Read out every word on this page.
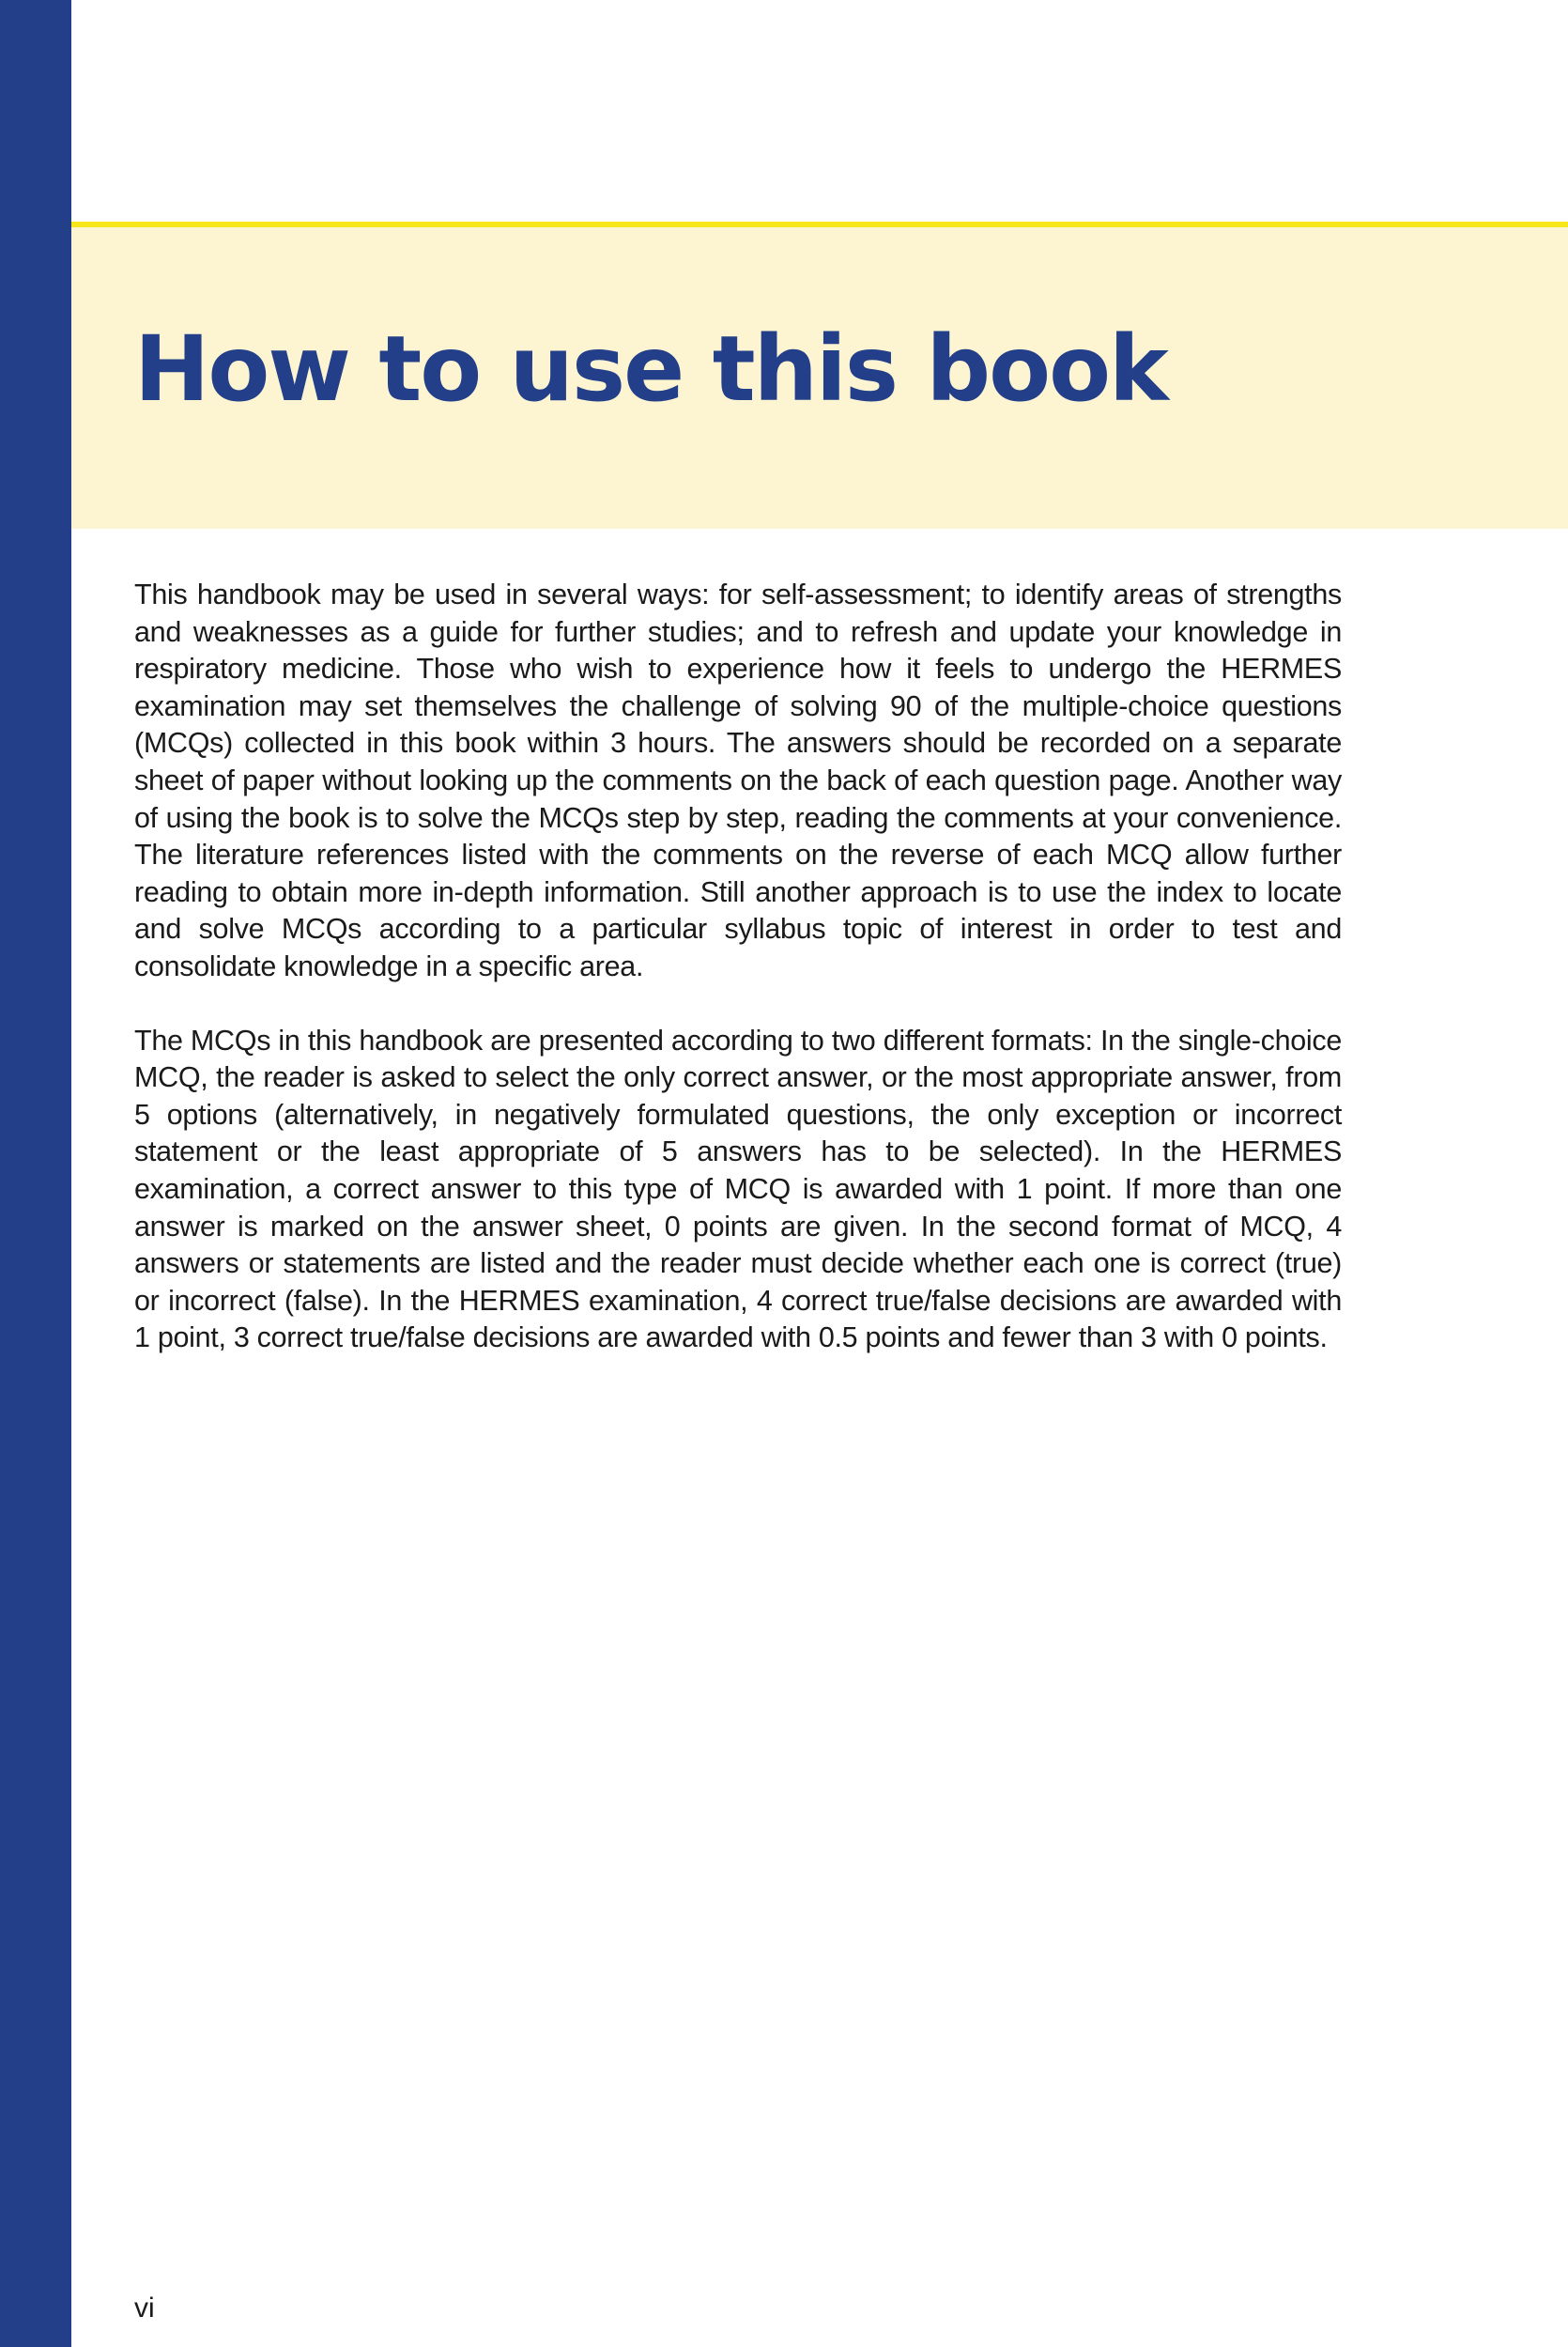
How to use this book

This handbook may be used in several ways: for self-assessment; to identify areas of strengths and weaknesses as a guide for further studies; and to refresh and update your knowledge in respiratory medicine. Those who wish to experience how it feels to undergo the HERMES examination may set themselves the challenge of solving 90 of the multiple-choice questions (MCQs) collected in this book within 3 hours. The answers should be recorded on a separate sheet of paper without looking up the comments on the back of each question page. Another way of using the book is to solve the MCQs step by step, reading the comments at your convenience. The literature references listed with the comments on the reverse of each MCQ allow further reading to obtain more in-depth information. Still another approach is to use the index to locate and solve MCQs according to a particular syllabus topic of interest in order to test and consolidate knowledge in a specific area.

The MCQs in this handbook are presented according to two different formats: In the single-choice MCQ, the reader is asked to select the only correct answer, or the most appropriate answer, from 5 options (alternatively, in negatively formulated questions, the only exception or incorrect statement or the least appropriate of 5 answers has to be selected). In the HERMES examination, a correct answer to this type of MCQ is awarded with 1 point. If more than one answer is marked on the answer sheet, 0 points are given. In the second format of MCQ, 4 answers or statements are listed and the reader must decide whether each one is correct (true) or incorrect (false). In the HERMES examination, 4 correct true/false decisions are awarded with 1 point, 3 correct true/false decisions are awarded with 0.5 points and fewer than 3 with 0 points.

vi
